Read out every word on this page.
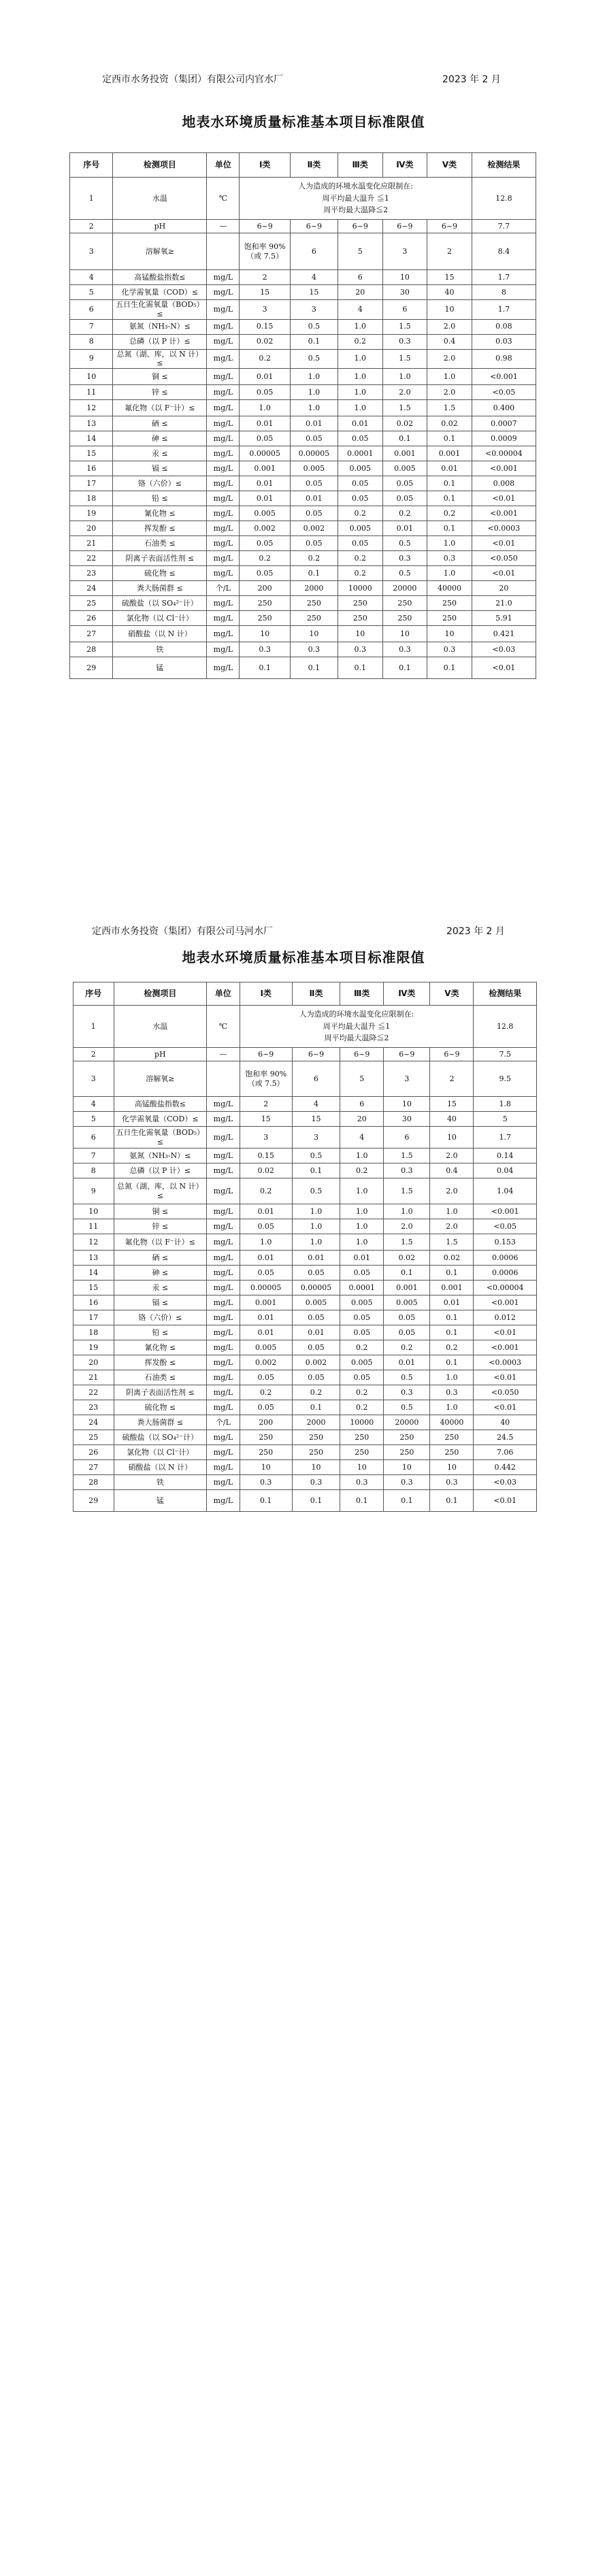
定西市水务投资（集团）有限公司内官水厂	2023 年 2 月
地表水环境质量标准基本项目标准限值
序号	检测项目	单位	Ⅰ类	Ⅱ类	Ⅲ类	Ⅳ类	Ⅴ类	检测结果
1	水温	℃	人为造成的环境水温变化应限制在:
周平均最大温升 ≦1
周平均最大温降≦2					12.8
2	pH	—	6~9	6~9	6~9	6~9	6~9	7.7
3	溶解氧≥		饱和率 90%（或 7.5）	6	5	3	2	8.4
4	高锰酸盐指数≤	mg/L	2	4	6	10	15	1.7
5	化学需氧量（COD）≤	mg/L	15	15	20	30	40	8
6	五日生化需氧量（BOD₅）≤	mg/L	3	3	4	6	10	1.7
7	氨氮（NH₃-N）≤	mg/L	0.15	0.5	1.0	1.5	2.0	0.08
8	总磷（以 P 计）≤	mg/L	0.02	0.1	0.2	0.3	0.4	0.03
9	总氮（湖、库，以 N 计）≤	mg/L	0.2	0.5	1.0	1.5	2.0	0.98
10	铜 ≤	mg/L	0.01	1.0	1.0	1.0	1.0	<0.001
11	锌 ≤	mg/L	0.05	1.0	1.0	2.0	2.0	<0.05
12	氟化物（以 F⁻计）≤	mg/L	1.0	1.0	1.0	1.5	1.5	0.400
13	硒 ≤	mg/L	0.01	0.01	0.01	0.02	0.02	0.0007
14	砷 ≤	mg/L	0.05	0.05	0.05	0.1	0.1	0.0009
15	汞 ≤	mg/L	0.00005	0.00005	0.0001	0.001	0.001	<0.00004
16	镉 ≤	mg/L	0.001	0.005	0.005	0.005	0.01	<0.001
17	铬（六价）≤	mg/L	0.01	0.05	0.05	0.05	0.1	0.008
18	铅 ≤	mg/L	0.01	0.01	0.05	0.05	0.1	<0.01
19	氰化物 ≤	mg/L	0.005	0.05	0.2	0.2	0.2	<0.001
20	挥发酚 ≤	mg/L	0.002	0.002	0.005	0.01	0.1	<0.0003
21	石油类 ≤	mg/L	0.05	0.05	0.05	0.5	1.0	<0.01
22	阴离子表面活性剂 ≤	mg/L	0.2	0.2	0.2	0.3	0.3	<0.050
23	硫化物 ≤	mg/L	0.05	0.1	0.2	0.5	1.0	<0.01
24	粪大肠菌群 ≤	个/L	200	2000	10000	20000	40000	20
25	硫酸盐（以 SO₄²⁻计）	mg/L	250	250	250	250	250	21.0
26	氯化物（以 Cl⁻计）	mg/L	250	250	250	250	250	5.91
27	硝酸盐（以 N 计）	mg/L	10	10	10	10	10	0.421
28	铁	mg/L	0.3	0.3	0.3	0.3	0.3	<0.03
29	锰	mg/L	0.1	0.1	0.1	0.1	0.1	<0.01
定西市水务投资（集团）有限公司马河水厂	2023 年 2 月
地表水环境质量标准基本项目标准限值
序号	检测项目	单位	Ⅰ类	Ⅱ类	Ⅲ类	Ⅳ类	Ⅴ类	检测结果
1	水温	℃	人为造成的环境水温变化应限制在:
周平均最大温升 ≦1
周平均最大温降≦2					12.8
2	pH	—	6~9	6~9	6~9	6~9	6~9	7.5
3	溶解氧≥		饱和率 90%（或 7.5）	6	5	3	2	9.5
4	高锰酸盐指数≤	mg/L	2	4	6	10	15	1.8
5	化学需氧量（COD）≤	mg/L	15	15	20	30	40	5
6	五日生化需氧量（BOD₅）≤	mg/L	3	3	4	6	10	1.7
7	氨氮（NH₃-N）≤	mg/L	0.15	0.5	1.0	1.5	2.0	0.14
8	总磷（以 P 计）≤	mg/L	0.02	0.1	0.2	0.3	0.4	0.04
9	总氮（湖、库，以 N 计）≤	mg/L	0.2	0.5	1.0	1.5	2.0	1.04
10	铜 ≤	mg/L	0.01	1.0	1.0	1.0	1.0	<0.001
11	锌 ≤	mg/L	0.05	1.0	1.0	2.0	2.0	<0.05
12	氟化物（以 F⁻计）≤	mg/L	1.0	1.0	1.0	1.5	1.5	0.153
13	硒 ≤	mg/L	0.01	0.01	0.01	0.02	0.02	0.0006
14	砷 ≤	mg/L	0.05	0.05	0.05	0.1	0.1	0.0006
15	汞 ≤	mg/L	0.00005	0.00005	0.0001	0.001	0.001	<0.00004
16	镉 ≤	mg/L	0.001	0.005	0.005	0.005	0.01	<0.001
17	铬（六价）≤	mg/L	0.01	0.05	0.05	0.05	0.1	0.012
18	铅 ≤	mg/L	0.01	0.01	0.05	0.05	0.1	<0.01
19	氰化物 ≤	mg/L	0.005	0.05	0.2	0.2	0.2	<0.001
20	挥发酚 ≤	mg/L	0.002	0.002	0.005	0.01	0.1	<0.0003
21	石油类 ≤	mg/L	0.05	0.05	0.05	0.5	1.0	<0.01
22	阴离子表面活性剂 ≤	mg/L	0.2	0.2	0.2	0.3	0.3	<0.050
23	硫化物 ≤	mg/L	0.05	0.1	0.2	0.5	1.0	<0.01
24	粪大肠菌群 ≤	个/L	200	2000	10000	20000	40000	40
25	硫酸盐（以 SO₄²⁻计）	mg/L	250	250	250	250	250	24.5
26	氯化物（以 Cl⁻计）	mg/L	250	250	250	250	250	7.06
27	硝酸盐（以 N 计）	mg/L	10	10	10	10	10	0.442
28	铁	mg/L	0.3	0.3	0.3	0.3	0.3	<0.03
29	锰	mg/L	0.1	0.1	0.1	0.1	0.1	<0.01
